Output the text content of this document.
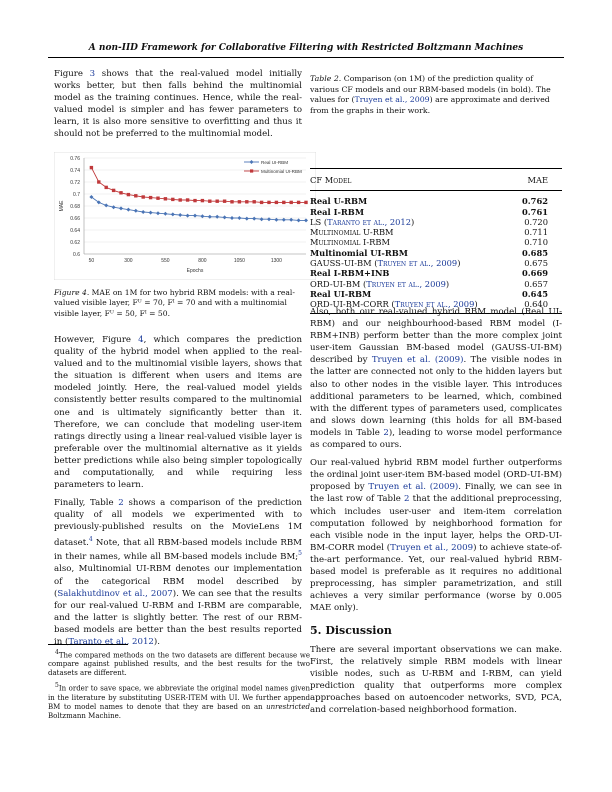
A non-IID Framework for Collaborative Filtering with Restricted Boltzmann Machines

Figure 3 shows that the real-valued model initially works better, but then falls behind the multinomial model as the training continues. Hence, while the real-valued model is simpler and has fewer parameters to learn, it is also more sensitive to overfitting and thus it should not be preferred to the multinomial model.

0.6
0.62
0.64
0.66
0.68
0.7
0.72
0.74
0.76
50	300	550	800	1050	1300
Epochs
MAE
Real UI-RBM
Multinomial UI-RBM
Figure 4. MAE on 1M for two hybrid RBM models: with a real-valued visible layer, Fᵁ = 70, Fᴵ = 70 and with a multinomial visible layer, Fᵁ = 50, Fᴵ = 50.

However, Figure 4, which compares the prediction quality of the hybrid model when applied to the real-valued and to the multinomial visible layers, shows that the situation is different when users and items are modeled jointly. Here, the real-valued model yields consistently better results compared to the multinomial one and is ultimately significantly better than it. Therefore, we can conclude that modeling user-item ratings directly using a linear real-valued visible layer is preferable over the multinomial alternative as it yields better predictions while also being simpler topologically and computationally, and while requiring less parameters to learn.

Finally, Table 2 shows a comparison of the prediction quality of all models we experimented with to previously-published results on the MovieLens 1M dataset.$^4$ Note, that all RBM-based models include RBM in their names, while all BM-based models include BM;$^5$ also, Multinomial UI-RBM denotes our implementation of the categorical RBM model described by (Salakhutdinov et al., 2007). We can see that the results for our real-valued U-RBM and I-RBM are comparable, and the latter is slightly better. The rest of our RBM-based models are better than the best results reported in (Taranto et al., 2012).

$^4$The compared methods on the two datasets are different because we compare against published results, and the best results for the two datasets are different.

$^5$In order to save space, we abbreviate the original model names given in the literature by substituting USER-ITEM with UI. We further append BM to model names to denote that they are based on an unrestricted Boltzmann Machine.

Table 2. Comparison (on 1M) of the prediction quality of various CF models and our RBM-based models (in bold). The values for (Truyen et al., 2009) are approximate and derived from the graphs in their work.
CF Model	MAE
Real U-RBM	0.762
Real I-RBM	0.761
LS (Taranto et al., 2012)	0.720
Multinomial U-RBM	0.711
Multinomial I-RBM	0.710
Multinomial UI-RBM	0.685
GAUSS-UI-BM (Truyen et al., 2009)	0.675
Real I-RBM+INB	0.669
ORD-UI-BM (Truyen et al., 2009)	0.657
Real UI-RBM	0.645
ORD-UI-BM-CORR (Truyen et al., 2009)	0.640

Also, both our real-valued hybrid RBM model (Real UI-RBM) and our neighbourhood-based RBM model (I-RBM+INB) perform better than the more complex joint user-item Gaussian BM-based model (GAUSS-UI-BM) described by Truyen et al. (2009). The visible nodes in the latter are connected not only to the hidden layers but also to other nodes in the visible layer. This introduces additional parameters to be learned, which, combined with the different types of parameters used, complicates and slows down learning (this holds for all BM-based models in Table 2), leading to worse model performance as compared to ours.

Our real-valued hybrid RBM model further outperforms the ordinal joint user-item BM-based model (ORD-UI-BM) proposed by Truyen et al. (2009). Finally, we can see in the last row of Table 2 that the additional preprocessing, which includes user-user and item-item correlation computation followed by neighborhood formation for each visible node in the input layer, helps the ORD-UI-BM-CORR model (Truyen et al., 2009) to achieve state-of-the-art performance. Yet, our real-valued hybrid RBM-based model is preferable as it requires no additional preprocessing, has simpler parametrization, and still achieves a very similar performance (worse by 0.005 MAE only).

5. Discussion

There are several important observations we can make. First, the relatively simple RBM models with linear visible nodes, such as U-RBM and I-RBM, can yield prediction quality that outperforms more complex approaches based on autoencoder networks, SVD, PCA, and correlation-based neighborhood formation.
